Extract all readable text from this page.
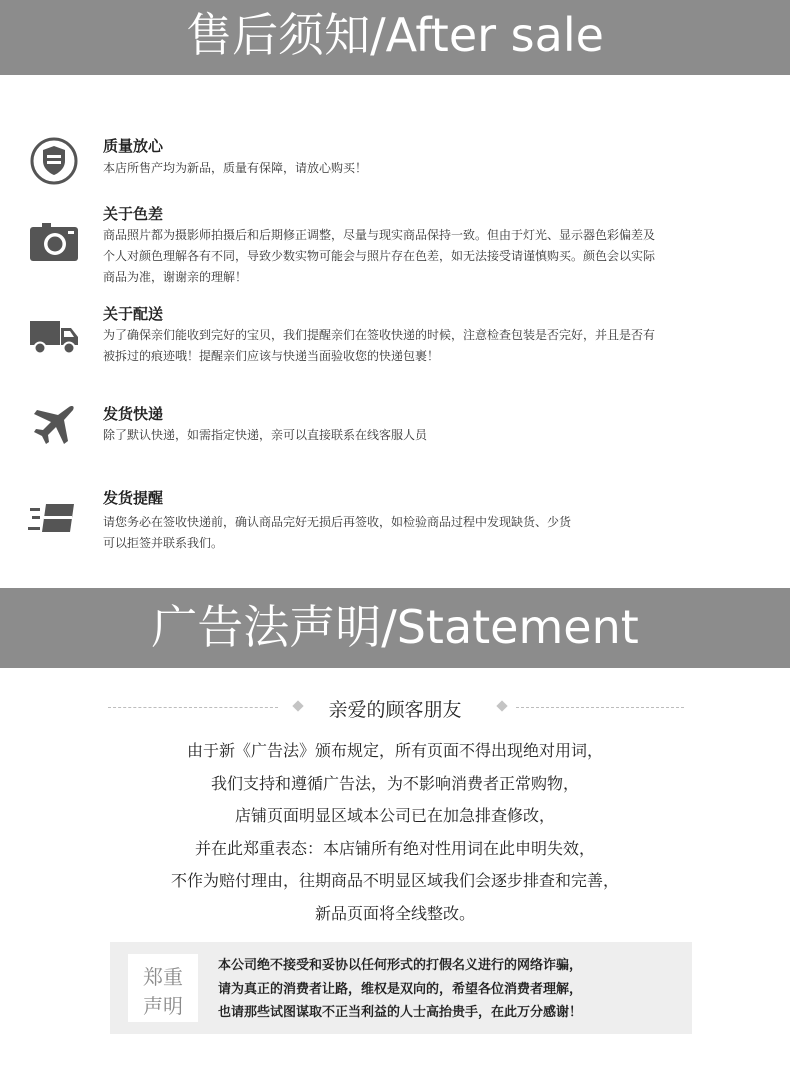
售后须知/After sale
质量放心
本店所售产均为新品，质量有保障，请放心购买！
关于色差
商品照片都为摄影师拍摄后和后期修正调整，尽量与现实商品保持一致。但由于灯光、显示器色彩偏差及
个人对颜色理解各有不同，导致少数实物可能会与照片存在色差，如无法接受请谨慎购买。颜色会以实际
商品为准，谢谢亲的理解！
关于配送
为了确保亲们能收到完好的宝贝，我们提醒亲们在签收快递的时候，注意检查包装是否完好，并且是否有
被拆过的痕迹哦！提醒亲们应该与快递当面验收您的快递包裹！
发货快递
除了默认快递，如需指定快递，亲可以直接联系在线客服人员
发货提醒
请您务必在签收快递前，确认商品完好无损后再签收，如检验商品过程中发现缺货、少货
可以拒签并联系我们。
广告法声明/Statement
亲爱的顾客朋友
由于新《广告法》颁布规定，所有页面不得出现绝对用词，
我们支持和遵循广告法，为不影响消费者正常购物，
店铺页面明显区域本公司已在加急排查修改，
并在此郑重表态：本店铺所有绝对性用词在此申明失效，
不作为赔付理由，往期商品不明显区域我们会逐步排查和完善，
新品页面将全线整改。
郑重
声明
本公司绝不接受和妥协以任何形式的打假名义进行的网络诈骗，
请为真正的消费者让路，维权是双向的，希望各位消费者理解，
也请那些试图谋取不正当利益的人士高抬贵手，在此万分感谢！
